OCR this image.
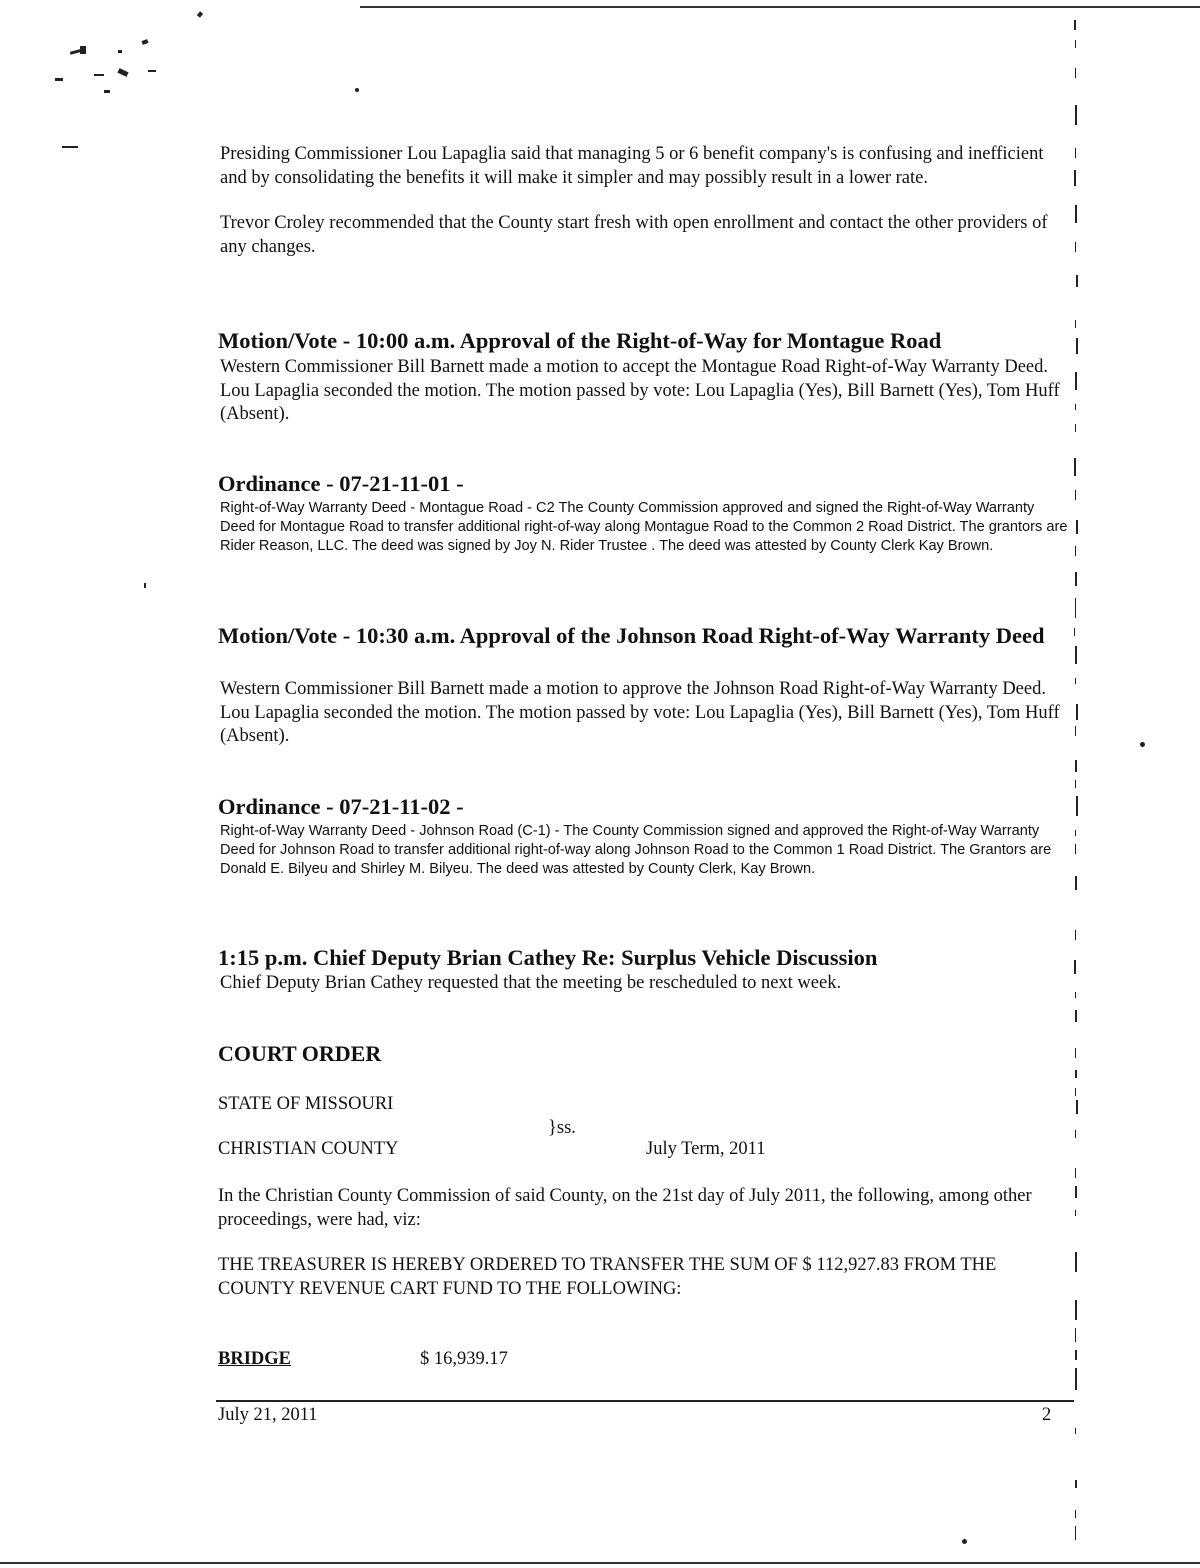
Presiding Commissioner Lou Lapaglia said that managing 5 or 6 benefit company's is confusing and inefficient and by consolidating the benefits it will make it simpler and may possibly result in a lower rate.
Trevor Croley recommended that the County start fresh with open enrollment and contact the other providers of any changes.
Motion/Vote - 10:00 a.m. Approval of the Right-of-Way for Montague Road
Western Commissioner Bill Barnett made a motion to accept the Montague Road Right-of-Way Warranty Deed. Lou Lapaglia seconded the motion. The motion passed by vote: Lou Lapaglia (Yes), Bill Barnett (Yes), Tom Huff (Absent).
Ordinance - 07-21-11-01 -
Right-of-Way Warranty Deed - Montague Road - C2 The County Commission approved and signed the Right-of-Way Warranty Deed for Montague Road to transfer additional right-of-way along Montague Road to the Common 2 Road District. The grantors are Rider Reason, LLC. The deed was signed by Joy N. Rider Trustee . The deed was attested by County Clerk Kay Brown.
Motion/Vote - 10:30 a.m. Approval of the Johnson Road Right-of-Way Warranty Deed
Western Commissioner Bill Barnett made a motion to approve the Johnson Road Right-of-Way Warranty Deed. Lou Lapaglia seconded the motion. The motion passed by vote: Lou Lapaglia (Yes), Bill Barnett (Yes), Tom Huff (Absent).
Ordinance - 07-21-11-02 -
Right-of-Way Warranty Deed - Johnson Road (C-1) - The County Commission signed and approved the Right-of-Way Warranty Deed for Johnson Road to transfer additional right-of-way along Johnson Road to the Common 1 Road District. The Grantors are Donald E. Bilyeu and Shirley M. Bilyeu. The deed was attested by County Clerk, Kay Brown.
1:15 p.m. Chief Deputy Brian Cathey Re: Surplus Vehicle Discussion
Chief Deputy Brian Cathey requested that the meeting be rescheduled to next week.
COURT ORDER
STATE OF MISSOURI
}ss.
CHRISTIAN COUNTY	July Term, 2011
In the Christian County Commission of said County, on the 21st day of July 2011, the following, among other proceedings, were had, viz:
THE TREASURER IS HEREBY ORDERED TO TRANSFER THE SUM OF $ 112,927.83 FROM THE COUNTY REVENUE CART FUND TO THE FOLLOWING:
BRIDGE	$ 16,939.17
July 21, 2011	2
